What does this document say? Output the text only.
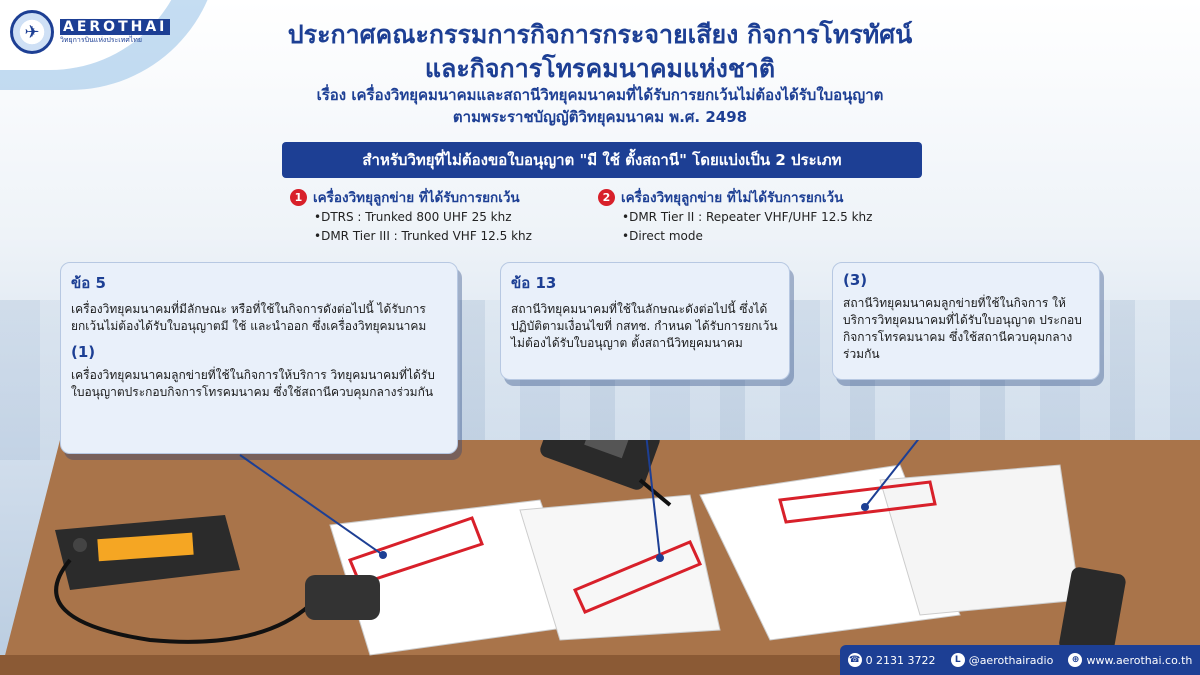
✈	AEROTHAI
วิทยุการบินแห่งประเทศไทย	ประกาศคณะกรรมการกิจการกระจายเสียง กิจการโทรทัศน์
และกิจการโทรคมนาคมแห่งชาติ
เรื่อง เครื่องวิทยุคมนาคมและสถานีวิทยุคมนาคมที่ได้รับการยกเว้นไม่ต้องได้รับใบอนุญาต
ตามพระราชบัญญัติวิทยุคมนาคม พ.ศ. 2498
สำหรับวิทยุที่ไม่ต้องขอใบอนุญาต "มี ใช้ ตั้งสถานี" โดยแบ่งเป็น 2 ประเภท
1 เครื่องวิทยุลูกข่าย ที่ได้รับการยกเว้น
•DTRS : Trunked 800 UHF 25 khz
•DMR Tier III : Trunked VHF 12.5 khz
2 เครื่องวิทยุลูกข่าย ที่ไม่ได้รับการยกเว้น
•DMR Tier II : Repeater VHF/UHF 12.5 khz
•Direct mode
ข้อ 5
เครื่องวิทยุคมนาคมที่มีลักษณะ หรือที่ใช้ในกิจการดังต่อไปนี้ ได้รับการยกเว้นไม่ต้องได้รับใบอนุญาตมี ใช้ และนำออก ซึ่งเครื่องวิทยุคมนาคม
(1)
เครื่องวิทยุคมนาคมลูกข่ายที่ใช้ในกิจการให้บริการ วิทยุคมนาคมที่ได้รับใบอนุญาตประกอบกิจการโทรคมนาคม ซึ่งใช้สถานีควบคุมกลางร่วมกัน
ข้อ 13
สถานีวิทยุคมนาคมที่ใช้ในลักษณะดังต่อไปนี้ ซึ่งได้ปฏิบัติตามเงื่อนไขที่ กสทช. กำหนด ได้รับการยกเว้นไม่ต้องได้รับใบอนุญาต ตั้งสถานีวิทยุคมนาคม
(3)
สถานีวิทยุคมนาคมลูกข่ายที่ใช้ในกิจการ ให้บริการวิทยุคมนาคมที่ได้รับใบอนุญาต ประกอบกิจการโทรคมนาคม ซึ่งใช้สถานีควบคุมกลางร่วมกัน
☎ 0 2131 3722	L @aerothairadio	⊕ www.aerothai.co.th
